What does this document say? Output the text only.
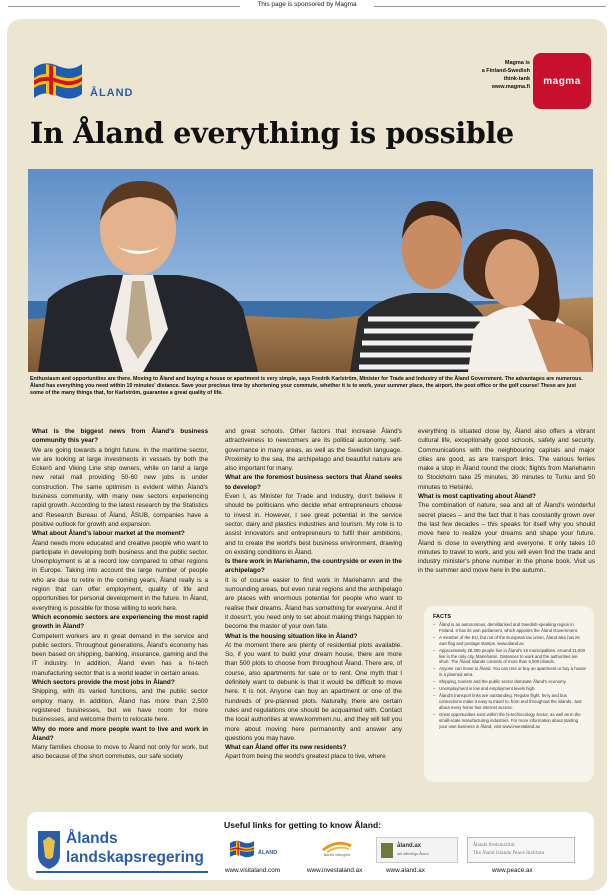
This page is sponsored by Magma
ÅLAND
Magma is
a Finland-Swedish
think-tank
www.magma.fi
magma
In Åland everything is possible

Enthusiasm and opportunities are there. Moving to Åland and buying a house or apartment is very simple, says Fredrik Karlström, Minister for Trade and Industry of the Åland Government. The advantages are numerous. Åland has everything you need within 10 minutes' distance. Save your precious time by shortening your commute, whether it is to work, your summer place, the airport, the post office or the golf course! These are just some of the many things that, for Karlström, guarantee a great quality of life.

What is the biggest news from Åland's business community this year?

We are going towards a bright future. In the maritime sector, we are looking at large investments in vessels by both the Eckerö and Viking Line ship owners, while on land a large new retail mall providing 50-60 new jobs is under construction. The same optimism is evident within Åland's business community, with many new sectors experiencing rapid growth. According to the latest research by the Statistics and Research Bureau of Åland, ÅSUB, companies have a positive outlook for growth and expansion.

What about Åland's labour market at the moment?

Åland needs more educated and creative people who want to participate in developing both business and the public sector. Unemployment is at a record low compared to other regions in Europe. Taking into account the large number of people who are due to retire in the coming years, Åland really is a region that can offer employment, quality of life and opportunities for personal development in the future. In Åland, everything is possible for those willing to work here.

Which economic sectors are experiencing the most rapid growth in Åland?

Competent workers are in great demand in the service and public sectors. Throughout generations, Åland's economy has been based on shipping, banking, insurance, gaming and the IT industry. In addition, Åland even has a hi-tech manufacturing sector that is a world leader in certain areas.

Which sectors provide the most jobs in Åland?

Shipping, with its varied functions, and the public sector employ many. In addition, Åland has more than 2,500 registered businesses, but we have room for more businesses, and welcome them to relocate here.

Why do more and more people want to live and work in Åland?

Many families choose to move to Åland not only for work, but also because of the short commutes, our safe society

and great schools. Other factors that increase Åland's attractiveness to newcomers are its political autonomy, self-governance in many areas, as well as the Swedish language. Proximity to the sea, the archipelago and beautiful nature are also important for many.

What are the foremost business sectors that Åland seeks to develop?

Even I, as Minister for Trade and Industry, don't believe it should be politicians who decide what entrepreneurs choose to invest in. However, I see great potential in the service sector, dairy and plastics industries and tourism. My role is to assist innovators and entrepreneurs to fulfil their ambitions, and to create the world's best business environment, drawing on existing conditions in Åland.

Is there work in Mariehamn, the countryside or even in the archipelago?

It is of course easier to find work in Mariehamn and the surrounding areas, but even rural regions and the archipelago are places with enormous potential for people who want to realise their dreams. Åland has something for everyone. And if it doesn't, you need only to set about making things happen to become the master of your own fate.

What is the housing situation like in Åland?

At the moment there are plenty of residential plots available. So, if you want to build your dream house, there are more than 500 plots to choose from throughout Åland. There are, of course, also apartments for sale or to rent. One myth that I definitely want to debunk is that it would be difficult to move here. It is not. Anyone can buy an apartment or one of the hundreds of pre-planned plots. Naturally, there are certain rules and regulations one should be acquainted with. Contact the local authorities at www.kommem.nu, and they will tell you more about moving here permanently and answer any questions you may have.

What can Åland offer its new residents?

Apart from being the world's greatest place to live, where

everything is situated close by, Åland also offers a vibrant cultural life, exceptionally good schools, safety and security. Communications with the neighbouring capitals and major cities are good, as are transport links. The various ferries make a stop in Åland round the clock; flights from Mariehamn to Stockholm take 25 minutes, 30 minutes to Turku and 50 minutes to Helsinki.

What is most captivating about Åland?

The combination of nature, sea and all of Åland's wonderful secret places – and the fact that it has constantly grown over the last few decades – this speaks for itself why you should move here to realize your dreams and shape your future. Åland is close to everything and everyone. It only takes 10 minutes to travel to work, and you will even find the trade and industry minister's phone number in the phone book. Visit us in the summer and move here in the autumn.

FACTS
– Åland is an autonomous, demilitarised and Swedish-speaking region in Finland. It has its own parliament, which appoints the Åland Government.
– A member of the EU, but not of the European tax union, Åland also has its own flag and postage stamps. www.aland.ax
– Approximately 28,300 people live in Åland's 16 municipalities. Around 11,000 live in the only city, Mariehamn. Distances to work and the authorities are short. The Åland Islands consists of more than 6,500 islands.
– Anyone can move to Åland. You can rent or buy an apartment or buy a house in a planned area.
– Shipping, tourism and the public sector dominate Åland's economy.
– Unemployment is low and employment levels high.
– Åland's transport links are outstanding. Regular flight, ferry and bus connections make it easy to travel to, from and throughout the islands. Just about every home has internet access.
– Great opportunities exist within the hi-tech/ecology sector, as well as in the small-scale manufacturing industries. For more information about starting your own business in Åland, visit www.investaland.ax
Useful links for getting to know Åland:
Ålands
landskapsregering	ÅLAND	ålands näringsliv
åland.ax
det offentliga Åland
Ålands fredsinstitut
The Åland Islands Peace Institute
www.visitaland.com	www.investaland.ax	www.aland.ax	www.peace.ax
